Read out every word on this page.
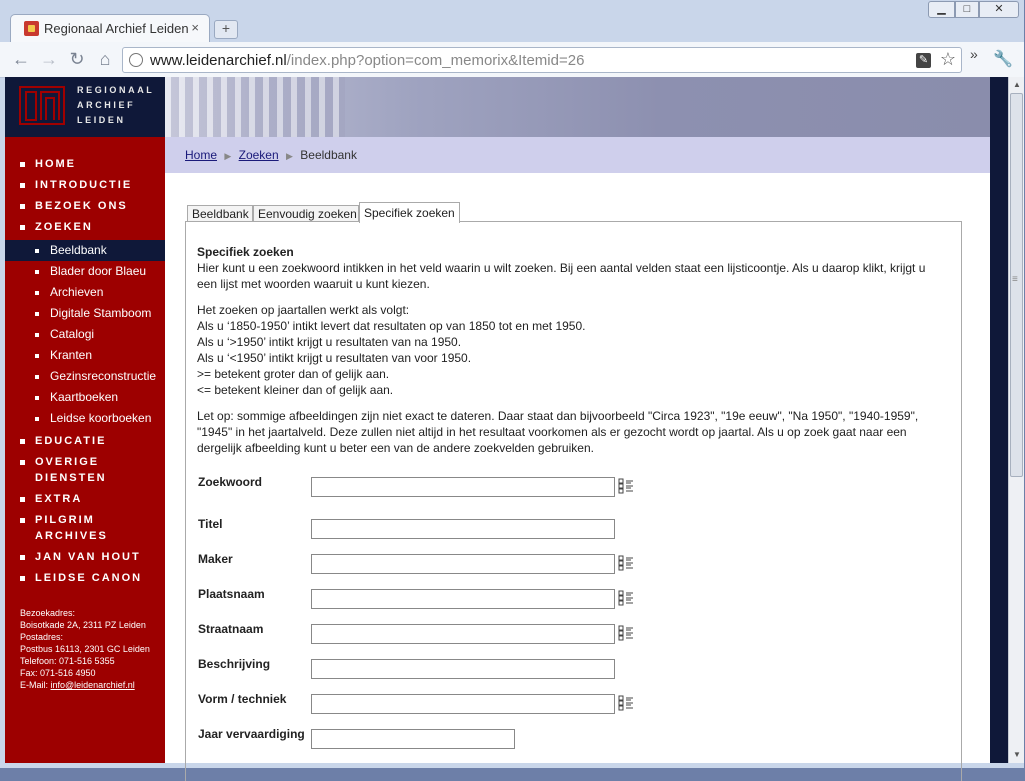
Regionaal Archief Leiden ×	+
▁	□	✕
← → ↻ ⌂	www.leidenarchief.nl/index.php?option=com_memorix&Itemid=26	✎ ☆ » 🔧
REGIONAAL
ARCHIEF
LEIDEN
HOME
INTRODUCTIE
BEZOEK ONS
ZOEKEN
Beeldbank
Blader door Blaeu
Archieven
Digitale Stamboom
Catalogi
Kranten
Gezinsreconstructie
Kaartboeken
Leidse koorboeken
EDUCATIE
OVERIGE DIENSTEN
EXTRA
PILGRIM ARCHIVES
JAN VAN HOUT
LEIDSE CANON
Bezoekadres:
Boisotkade 2A, 2311 PZ Leiden
Postadres:
Postbus 16113, 2301 GC Leiden
Telefoon: 071-516 5355
Fax: 071-516 4950
E-Mail: info@leidenarchief.nl
Home ▶ Zoeken ▶ Beeldbank
Beeldbank Eenvoudig zoeken Specifiek zoeken
Specifiek zoeken

Hier kunt u een zoekwoord intikken in het veld waarin u wilt zoeken. Bij een aantal velden staat een lijsticoontje. Als u daarop klikt, krijgt u een lijst met woorden waaruit u kunt kiezen.

Het zoeken op jaartallen werkt als volgt:
Als u ‘1850-1950’ intikt levert dat resultaten op van 1850 tot en met 1950.
Als u ‘>1950’ intikt krijgt u resultaten van na 1950.
Als u ‘<1950’ intikt krijgt u resultaten van voor 1950.
>= betekent groter dan of gelijk aan.
<= betekent kleiner dan of gelijk aan.

Let op: sommige afbeeldingen zijn niet exact te dateren. Daar staat dan bijvoorbeeld "Circa 1923", "19e eeuw", "Na 1950", "1940-1959", "1945" in het jaartalveld. Deze zullen niet altijd in het resultaat voorkomen als er gezocht wordt op jaartal. Als u op zoek gaat naar een dergelijk afbeelding kunt u beter een van de andere zoekvelden gebruiken.

Zoekwoord
Titel
Maker
Plaatsnaam
Straatnaam
Beschrijving
Vorm / techniek
Jaar vervaardiging
▲
≡
▼
